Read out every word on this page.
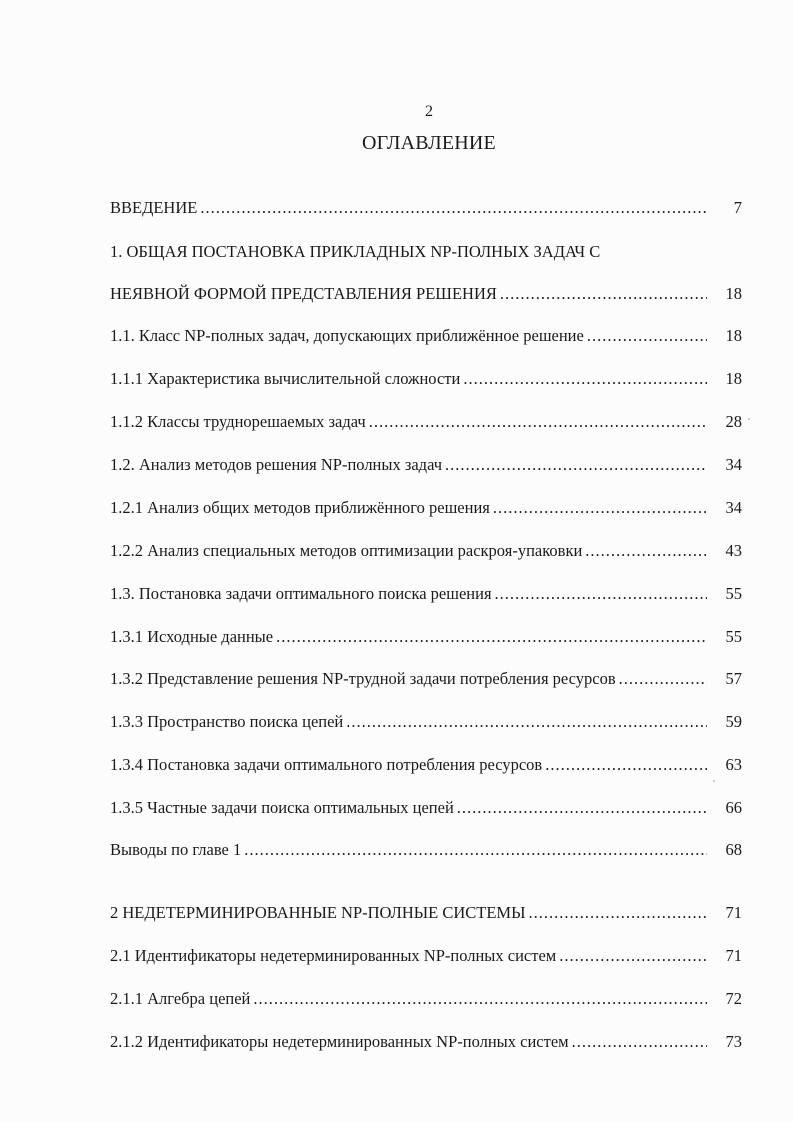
2
ОГЛАВЛЕНИЕ
ВВЕДЕНИЕ .....	7
1. ОБЩАЯ ПОСТАНОВКА ПРИКЛАДНЫХ NP-ПОЛНЫХ ЗАДАЧ С
НЕЯВНОЙ ФОРМОЙ ПРЕДСТАВЛЕНИЯ РЕШЕНИЯ .....	18
1.1. Класс NP-полных задач, допускающих приближённое решение .....	18
1.1.1 Характеристика вычислительной сложности .....	18
1.1.2 Классы труднорешаемых задач .....	28
1.2. Анализ методов решения NP-полных задач .....	34
1.2.1 Анализ общих методов приближённого решения .....	34
1.2.2 Анализ специальных методов оптимизации раскроя-упаковки .....	43
1.3. Постановка задачи оптимального поиска решения .....	55
1.3.1 Исходные данные .....	55
1.3.2 Представление решения NP-трудной задачи потребления ресурсов .....	57
1.3.3 Пространство поиска цепей .....	59
1.3.4 Постановка задачи оптимального потребления ресурсов .....	63
1.3.5 Частные задачи поиска оптимальных цепей .....	66
Выводы по главе 1 .....	68
2 НЕДЕТЕРМИНИРОВАННЫЕ NP-ПОЛНЫЕ СИСТЕМЫ .....	71
2.1 Идентификаторы недетерминированных NP-полных систем .....	71
2.1.1 Алгебра цепей .....	72
2.1.2 Идентификаторы недетерминированных NP-полных систем .....	73
